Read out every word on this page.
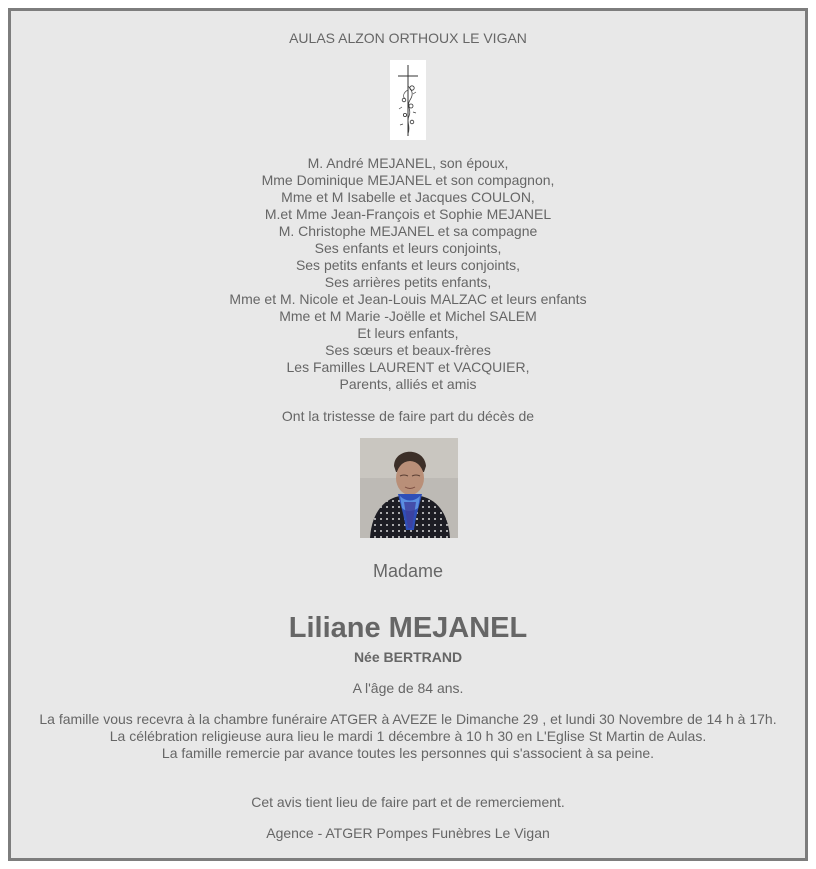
AULAS ALZON ORTHOUX LE VIGAN
M. André MEJANEL, son époux,
Mme Dominique MEJANEL et son compagnon,
Mme et M Isabelle et Jacques COULON,
M.et Mme Jean-François et Sophie MEJANEL
M. Christophe MEJANEL et sa compagne
Ses enfants et leurs conjoints,
Ses petits enfants et leurs conjoints,
Ses arrières petits enfants,
Mme et M. Nicole et Jean-Louis MALZAC et leurs enfants
Mme et M Marie -Joëlle et Michel SALEM
Et leurs enfants,
Ses sœurs et beaux-frères
Les Familles LAURENT et VACQUIER,
Parents, alliés et amis
Ont la tristesse de faire part du décès de
Madame
Liliane MEJANEL
Née BERTRAND
A l'âge de 84 ans.
La famille vous recevra à la chambre funéraire ATGER à AVEZE le Dimanche 29 , et lundi 30 Novembre de 14 h à 17h.
La célébration religieuse aura lieu le mardi 1 décembre à 10 h 30 en L'Eglise St Martin de Aulas.
La famille remercie par avance toutes les personnes qui s'associent à sa peine.
Cet avis tient lieu de faire part et de remerciement.
Agence - ATGER Pompes Funèbres Le Vigan
